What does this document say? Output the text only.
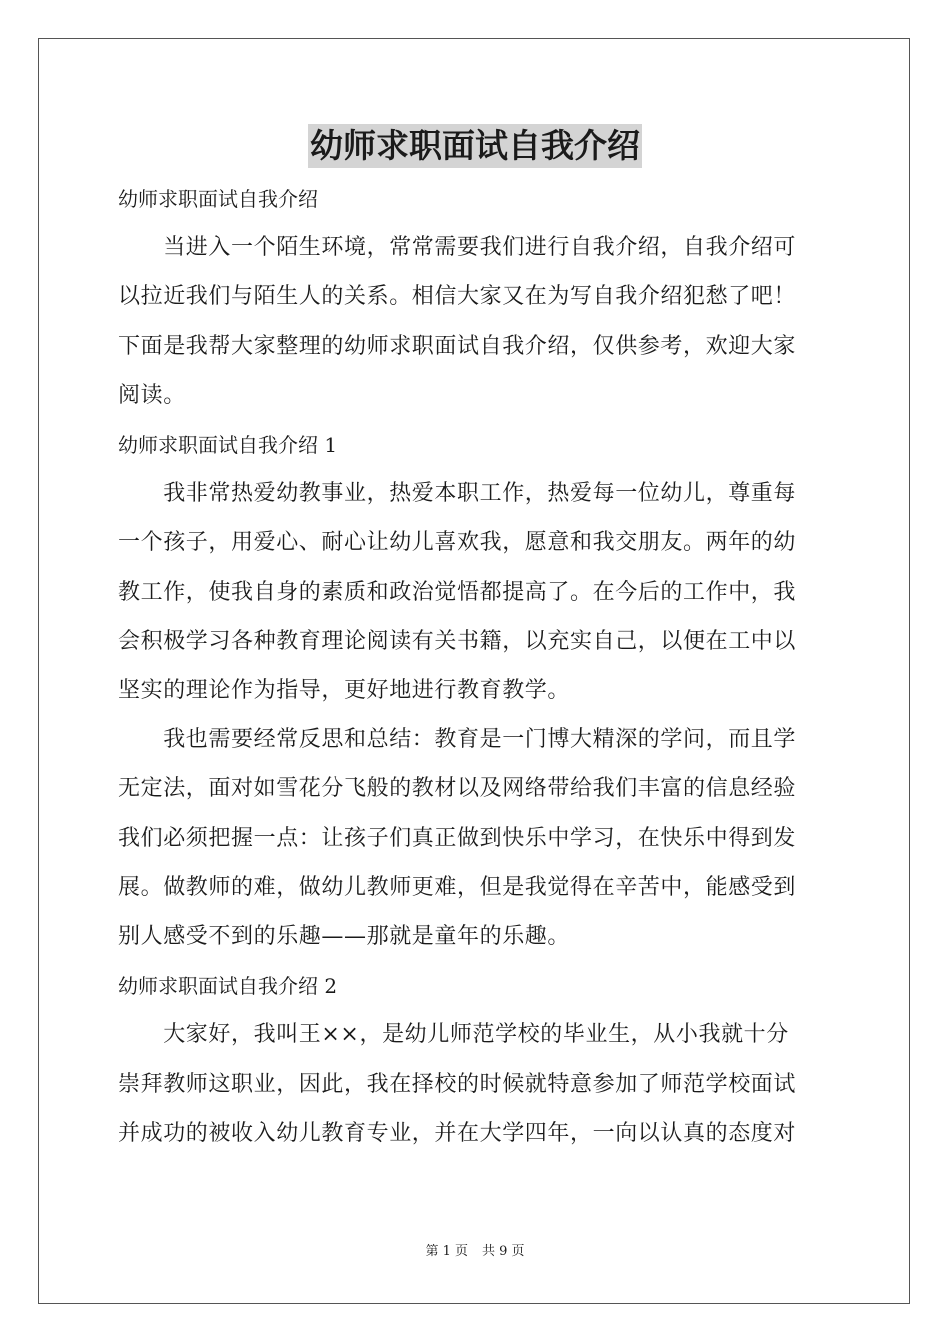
幼师求职面试自我介绍
幼师求职面试自我介绍
　　当进入一个陌生环境，常常需要我们进行自我介绍，自我介绍可
以拉近我们与陌生人的关系。相信大家又在为写自我介绍犯愁了吧！
下面是我帮大家整理的幼师求职面试自我介绍，仅供参考，欢迎大家
阅读。
幼师求职面试自我介绍 1
　　我非常热爱幼教事业，热爱本职工作，热爱每一位幼儿，尊重每
一个孩子，用爱心、耐心让幼儿喜欢我，愿意和我交朋友。两年的幼
教工作，使我自身的素质和政治觉悟都提高了。在今后的工作中，我
会积极学习各种教育理论阅读有关书籍，以充实自己，以便在工中以
坚实的理论作为指导，更好地进行教育教学。
　　我也需要经常反思和总结：教育是一门博大精深的学问，而且学
无定法，面对如雪花分飞般的教材以及网络带给我们丰富的信息经验
我们必须把握一点：让孩子们真正做到快乐中学习，在快乐中得到发
展。做教师的难，做幼儿教师更难，但是我觉得在辛苦中，能感受到
别人感受不到的乐趣——那就是童年的乐趣。
幼师求职面试自我介绍 2
　　大家好，我叫王××，是幼儿师范学校的毕业生，从小我就十分
崇拜教师这职业，因此，我在择校的时候就特意参加了师范学校面试
并成功的被收入幼儿教育专业，并在大学四年，一向以认真的态度对
第 1 页 共 9 页
